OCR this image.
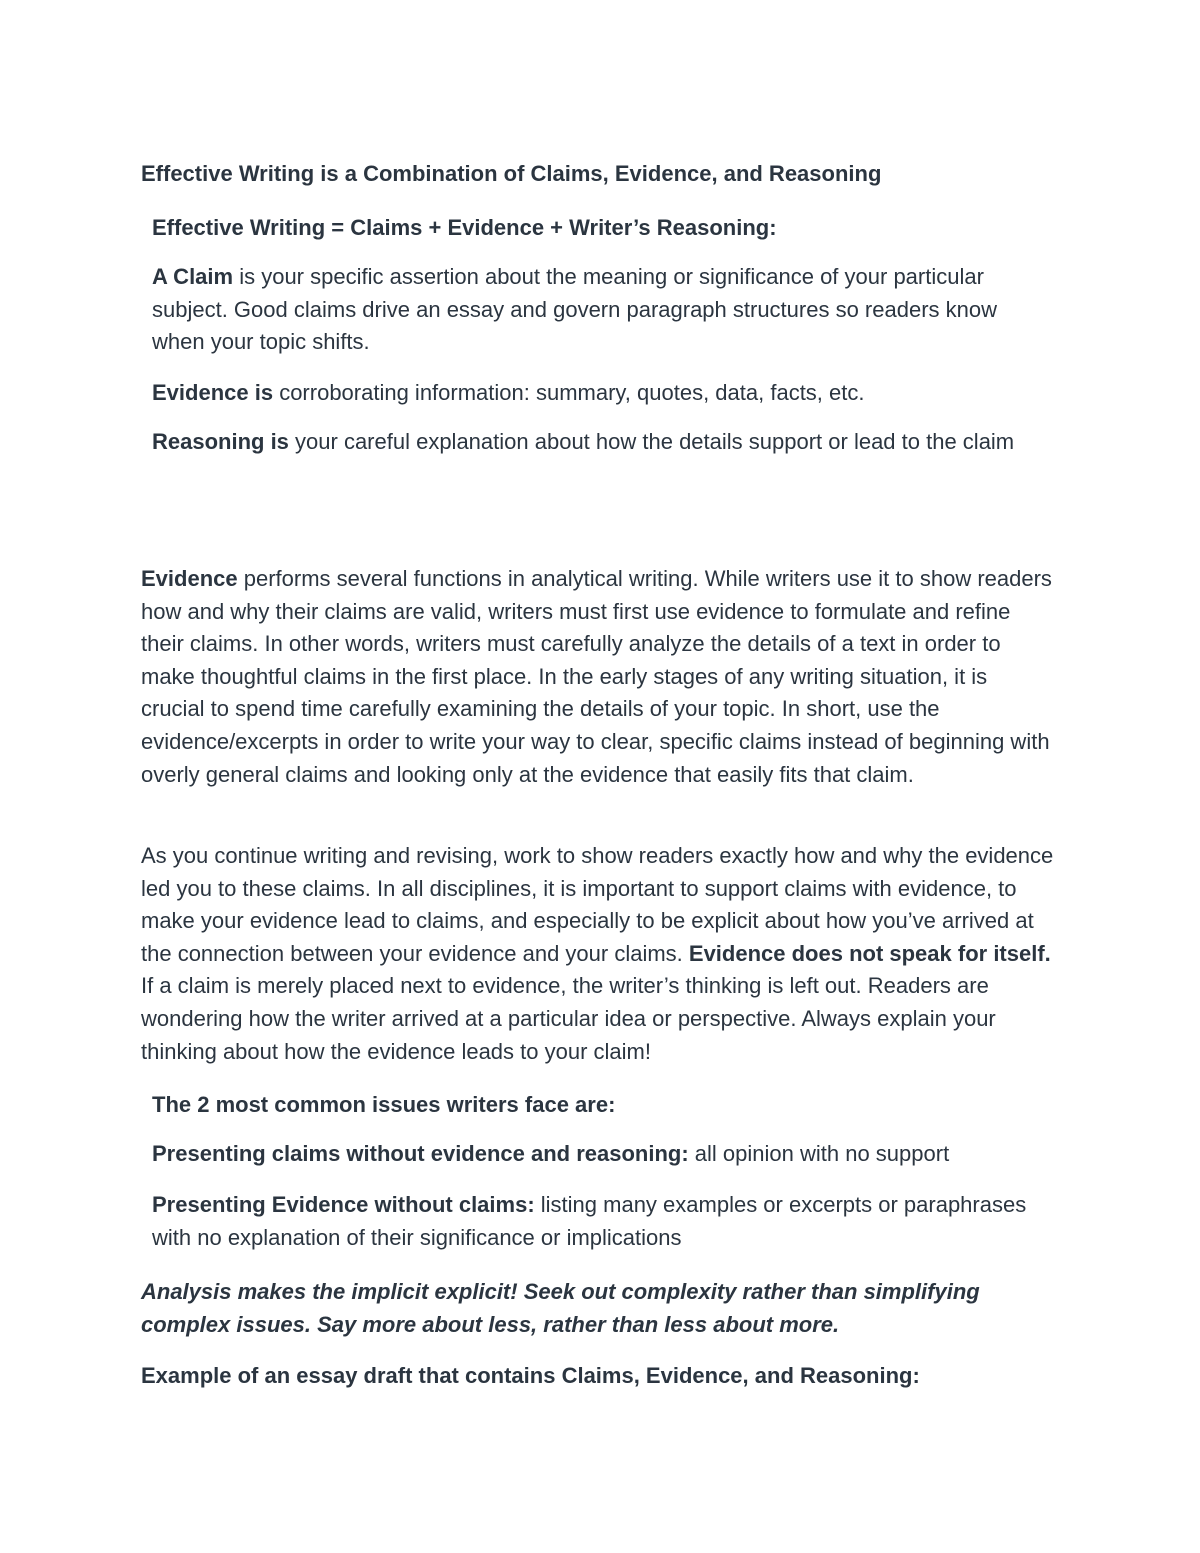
Effective Writing is a Combination of Claims, Evidence, and Reasoning

Effective Writing = Claims + Evidence + Writer’s Reasoning:

A Claim is your specific assertion about the meaning or significance of your particular subject. Good claims drive an essay and govern paragraph structures so readers know when your topic shifts.

Evidence is corroborating information: summary, quotes, data, facts, etc.

Reasoning is your careful explanation about how the details support or lead to the claim

Evidence performs several functions in analytical writing. While writers use it to show readers how and why their claims are valid, writers must first use evidence to formulate and refine their claims. In other words, writers must carefully analyze the details of a text in order to make thoughtful claims in the first place. In the early stages of any writing situation, it is crucial to spend time carefully examining the details of your topic. In short, use the evidence/excerpts in order to write your way to clear, specific claims instead of beginning with overly general claims and looking only at the evidence that easily fits that claim.

As you continue writing and revising, work to show readers exactly how and why the evidence led you to these claims. In all disciplines, it is important to support claims with evidence, to make your evidence lead to claims, and especially to be explicit about how you’ve arrived at the connection between your evidence and your claims. Evidence does not speak for itself. If a claim is merely placed next to evidence, the writer’s thinking is left out. Readers are wondering how the writer arrived at a particular idea or perspective. Always explain your thinking about how the evidence leads to your claim!

The 2 most common issues writers face are:

Presenting claims without evidence and reasoning: all opinion with no support

Presenting Evidence without claims: listing many examples or excerpts or paraphrases with no explanation of their significance or implications

Analysis makes the implicit explicit! Seek out complexity rather than simplifying complex issues. Say more about less, rather than less about more.

Example of an essay draft that contains Claims, Evidence, and Reasoning:
